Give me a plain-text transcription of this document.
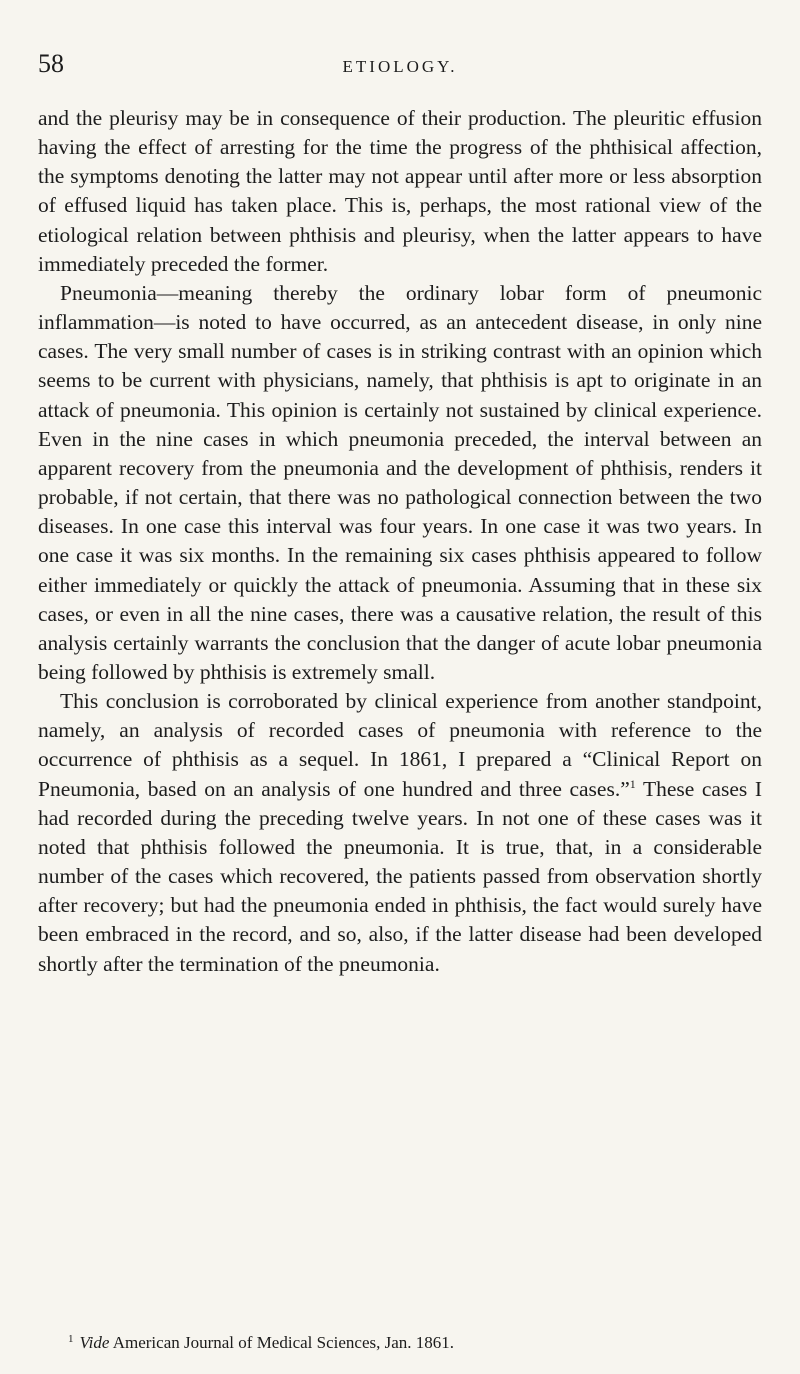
58	ETIOLOGY.

and the pleurisy may be in consequence of their production. The pleuritic effusion having the effect of arresting for the time the progress of the phthisical affection, the symptoms denoting the latter may not appear until after more or less absorption of effused liquid has taken place. This is, perhaps, the most rational view of the etiological relation between phthisis and pleurisy, when the latter appears to have immediately preceded the former.

Pneumonia—meaning thereby the ordinary lobar form of pneumonic inflammation—is noted to have occurred, as an antecedent disease, in only nine cases. The very small number of cases is in striking contrast with an opinion which seems to be current with physicians, namely, that phthisis is apt to originate in an attack of pneumonia. This opinion is certainly not sustained by clinical experience. Even in the nine cases in which pneumonia preceded, the interval between an apparent recovery from the pneumonia and the development of phthisis, renders it probable, if not certain, that there was no pathological connection between the two diseases. In one case this interval was four years. In one case it was two years. In one case it was six months. In the remaining six cases phthisis appeared to follow either immediately or quickly the attack of pneumonia. Assuming that in these six cases, or even in all the nine cases, there was a causative relation, the result of this analysis certainly warrants the conclusion that the danger of acute lobar pneumonia being followed by phthisis is extremely small.

This conclusion is corroborated by clinical experience from another standpoint, namely, an analysis of recorded cases of pneumonia with reference to the occurrence of phthisis as a sequel. In 1861, I prepared a “Clinical Report on Pneumonia, based on an analysis of one hundred and three cases.”$^1$ These cases I had recorded during the preceding twelve years. In not one of these cases was it noted that phthisis followed the pneumonia. It is true, that, in a considerable number of the cases which recovered, the patients passed from observation shortly after recovery; but had the pneumonia ended in phthisis, the fact would surely have been embraced in the record, and so, also, if the latter disease had been developed shortly after the termination of the pneumonia.

$^1$ Vide American Journal of Medical Sciences, Jan. 1861.
